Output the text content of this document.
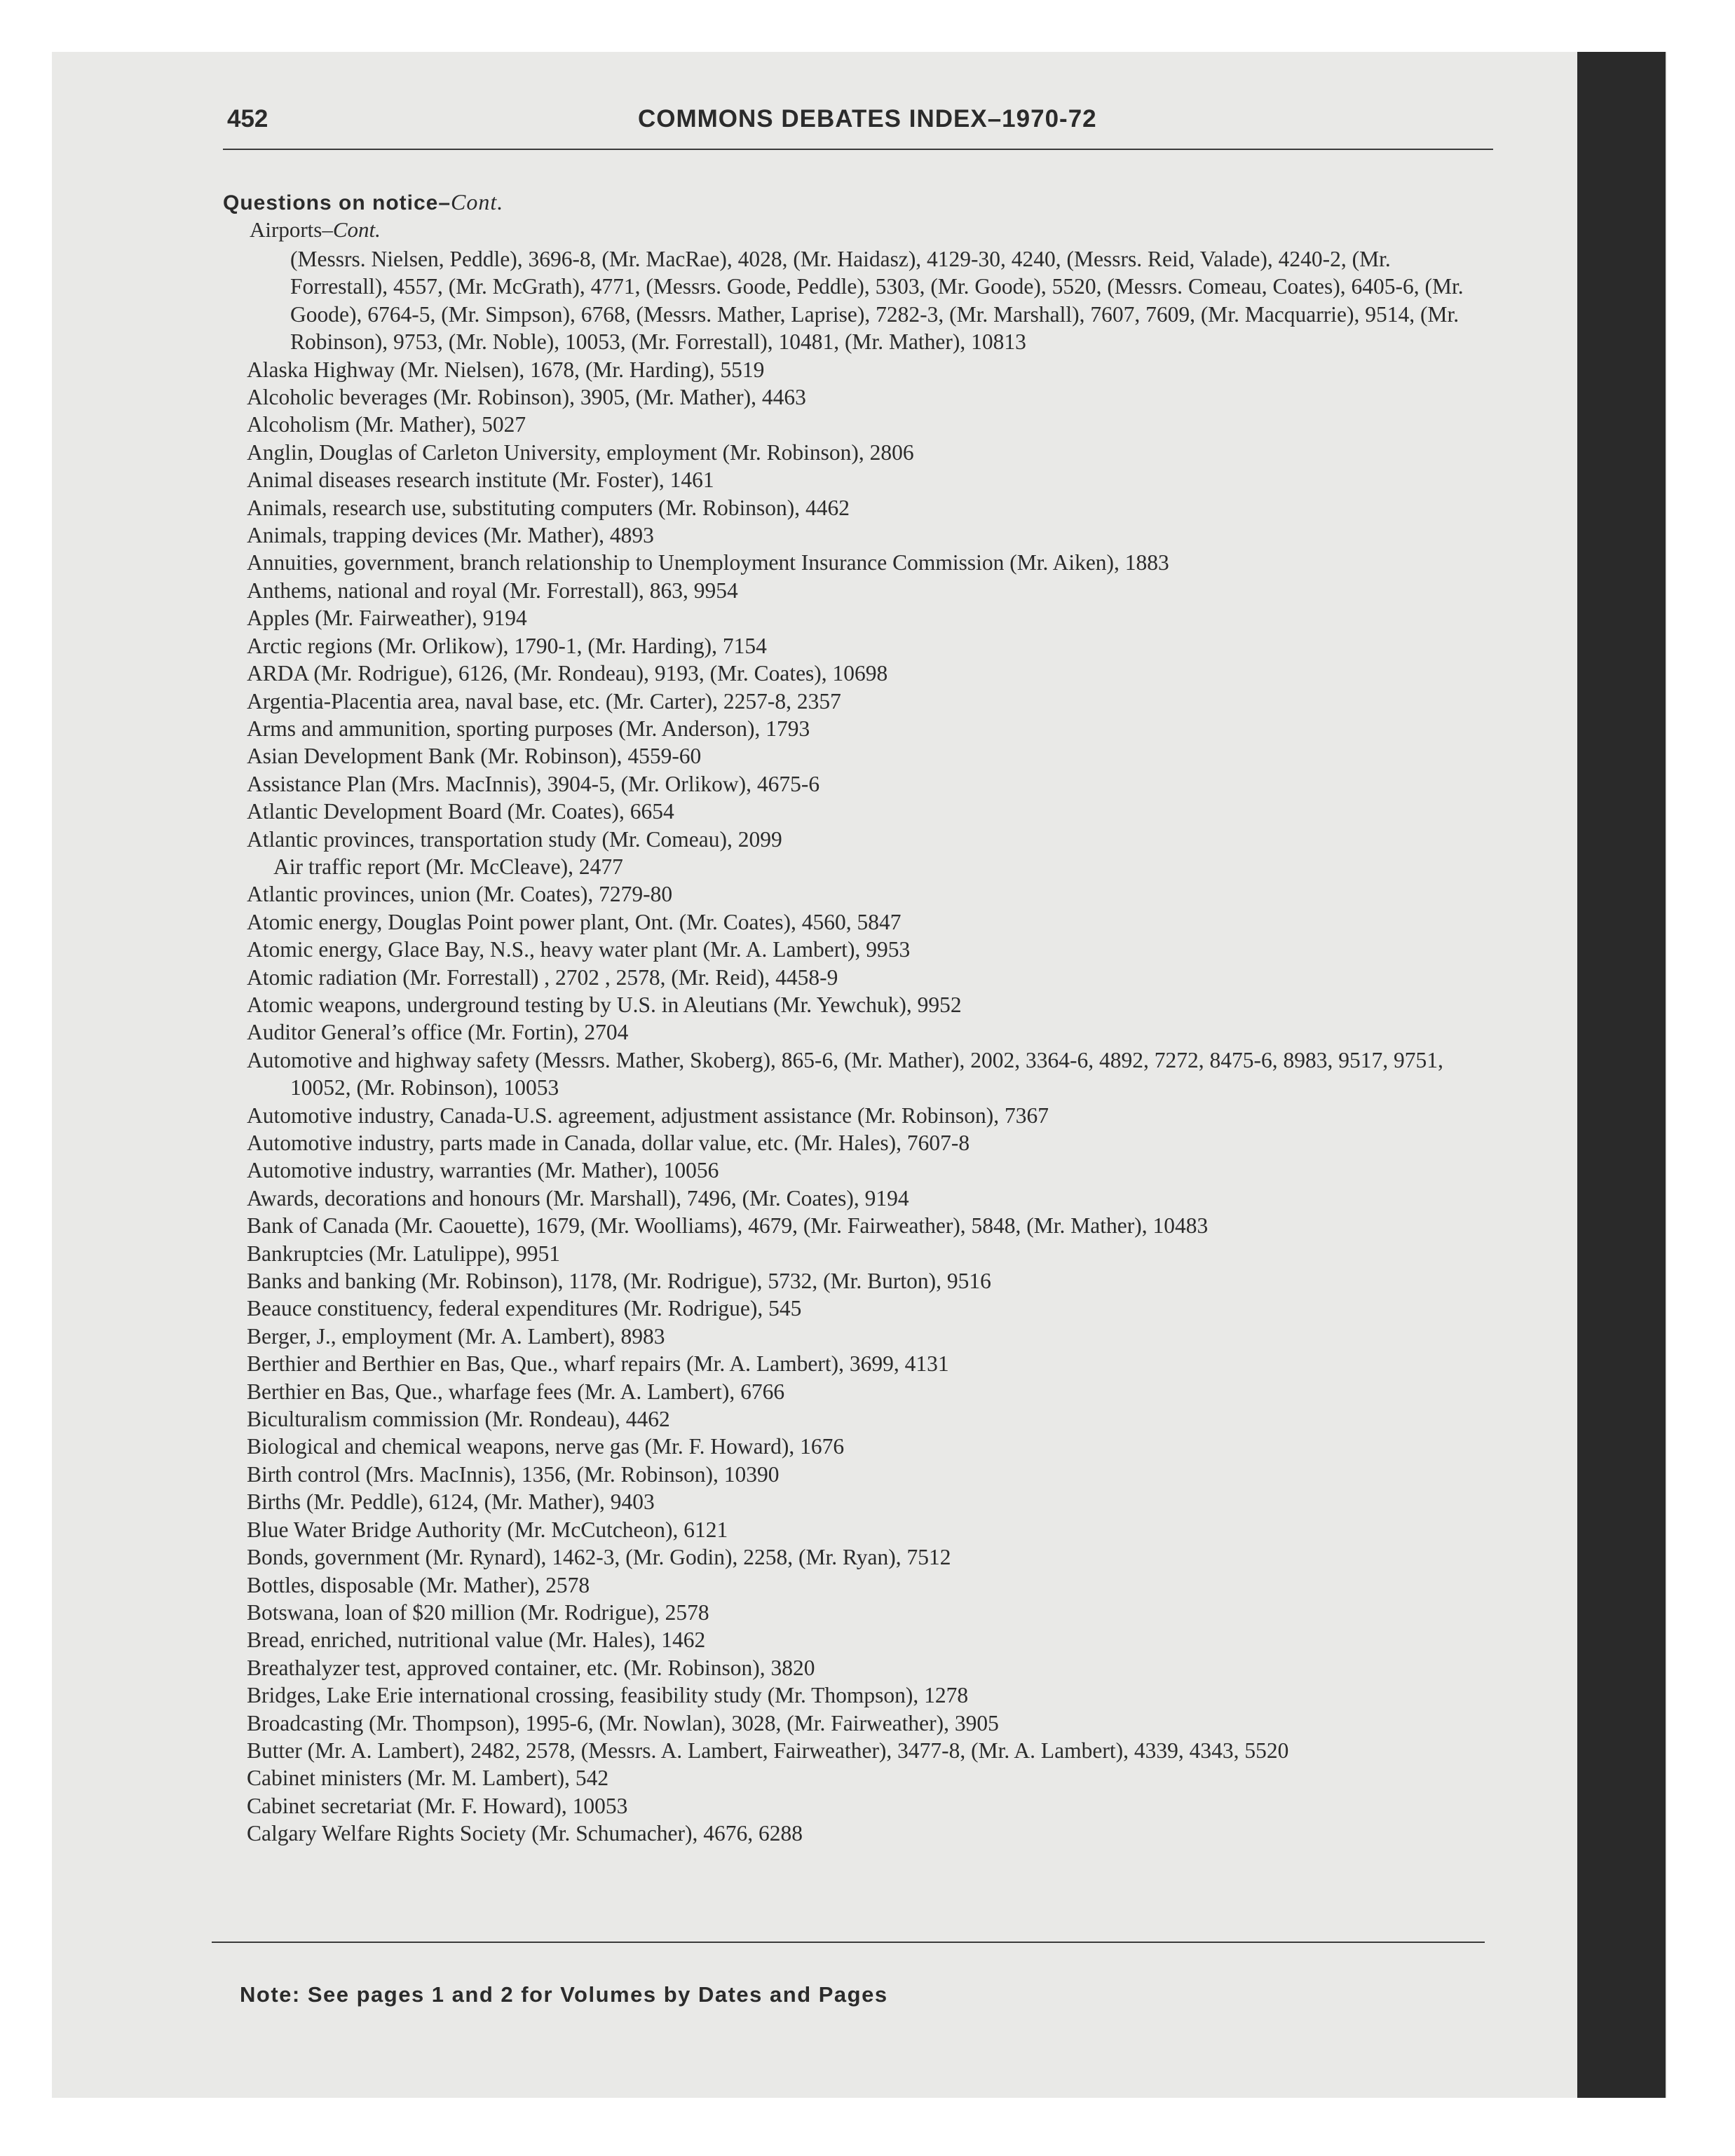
452	COMMONS DEBATES INDEX–1970-72
Questions on notice–Cont.
Airports–Cont.
(Messrs. Nielsen, Peddle), 3696-8, (Mr. MacRae), 4028, (Mr. Haidasz), 4129-30, 4240, (Messrs. Reid, Valade), 4240-2, (Mr. Forrestall), 4557, (Mr. McGrath), 4771, (Messrs. Goode, Peddle), 5303, (Mr. Goode), 5520, (Messrs. Comeau, Coates), 6405-6, (Mr. Goode), 6764-5, (Mr. Simpson), 6768, (Messrs. Mather, Laprise), 7282-3, (Mr. Marshall), 7607, 7609, (Mr. Macquarrie), 9514, (Mr. Robinson), 9753, (Mr. Noble), 10053, (Mr. Forrestall), 10481, (Mr. Mather), 10813
Alaska Highway (Mr. Nielsen), 1678, (Mr. Harding), 5519
Alcoholic beverages (Mr. Robinson), 3905, (Mr. Mather), 4463
Alcoholism (Mr. Mather), 5027
Anglin, Douglas of Carleton University, employment (Mr. Robinson), 2806
Animal diseases research institute (Mr. Foster), 1461
Animals, research use, substituting computers (Mr. Robinson), 4462
Animals, trapping devices (Mr. Mather), 4893
Annuities, government, branch relationship to Unemployment Insurance Commission (Mr. Aiken), 1883
Anthems, national and royal (Mr. Forrestall), 863, 9954
Apples (Mr. Fairweather), 9194
Arctic regions (Mr. Orlikow), 1790-1, (Mr. Harding), 7154
ARDA (Mr. Rodrigue), 6126, (Mr. Rondeau), 9193, (Mr. Coates), 10698
Argentia-Placentia area, naval base, etc. (Mr. Carter), 2257-8, 2357
Arms and ammunition, sporting purposes (Mr. Anderson), 1793
Asian Development Bank (Mr. Robinson), 4559-60
Assistance Plan (Mrs. MacInnis), 3904-5, (Mr. Orlikow), 4675-6
Atlantic Development Board (Mr. Coates), 6654
Atlantic provinces, transportation study (Mr. Comeau), 2099
Air traffic report (Mr. McCleave), 2477
Atlantic provinces, union (Mr. Coates), 7279-80
Atomic energy, Douglas Point power plant, Ont. (Mr. Coates), 4560, 5847
Atomic energy, Glace Bay, N.S., heavy water plant (Mr. A. Lambert), 9953
Atomic radiation (Mr. Forrestall) , 2702 , 2578, (Mr. Reid), 4458-9
Atomic weapons, underground testing by U.S. in Aleutians (Mr. Yewchuk), 9952
Auditor General’s office (Mr. Fortin), 2704
Automotive and highway safety (Messrs. Mather, Skoberg), 865-6, (Mr. Mather), 2002, 3364-6, 4892, 7272, 8475-6, 8983, 9517, 9751, 10052, (Mr. Robinson), 10053
Automotive industry, Canada-U.S. agreement, adjustment assistance (Mr. Robinson), 7367
Automotive industry, parts made in Canada, dollar value, etc. (Mr. Hales), 7607-8
Automotive industry, warranties (Mr. Mather), 10056
Awards, decorations and honours (Mr. Marshall), 7496, (Mr. Coates), 9194
Bank of Canada (Mr. Caouette), 1679, (Mr. Woolliams), 4679, (Mr. Fairweather), 5848, (Mr. Mather), 10483
Bankruptcies (Mr. Latulippe), 9951
Banks and banking (Mr. Robinson), 1178, (Mr. Rodrigue), 5732, (Mr. Burton), 9516
Beauce constituency, federal expenditures (Mr. Rodrigue), 545
Berger, J., employment (Mr. A. Lambert), 8983
Berthier and Berthier en Bas, Que., wharf repairs (Mr. A. Lambert), 3699, 4131
Berthier en Bas, Que., wharfage fees (Mr. A. Lambert), 6766
Biculturalism commission (Mr. Rondeau), 4462
Biological and chemical weapons, nerve gas (Mr. F. Howard), 1676
Birth control (Mrs. MacInnis), 1356, (Mr. Robinson), 10390
Births (Mr. Peddle), 6124, (Mr. Mather), 9403
Blue Water Bridge Authority (Mr. McCutcheon), 6121
Bonds, government (Mr. Rynard), 1462-3, (Mr. Godin), 2258, (Mr. Ryan), 7512
Bottles, disposable (Mr. Mather), 2578
Botswana, loan of $20 million (Mr. Rodrigue), 2578
Bread, enriched, nutritional value (Mr. Hales), 1462
Breathalyzer test, approved container, etc. (Mr. Robinson), 3820
Bridges, Lake Erie international crossing, feasibility study (Mr. Thompson), 1278
Broadcasting (Mr. Thompson), 1995-6, (Mr. Nowlan), 3028, (Mr. Fairweather), 3905
Butter (Mr. A. Lambert), 2482, 2578, (Messrs. A. Lambert, Fairweather), 3477-8, (Mr. A. Lambert), 4339, 4343, 5520
Cabinet ministers (Mr. M. Lambert), 542
Cabinet secretariat (Mr. F. Howard), 10053
Calgary Welfare Rights Society (Mr. Schumacher), 4676, 6288
Note: See pages 1 and 2 for Volumes by Dates and Pages
